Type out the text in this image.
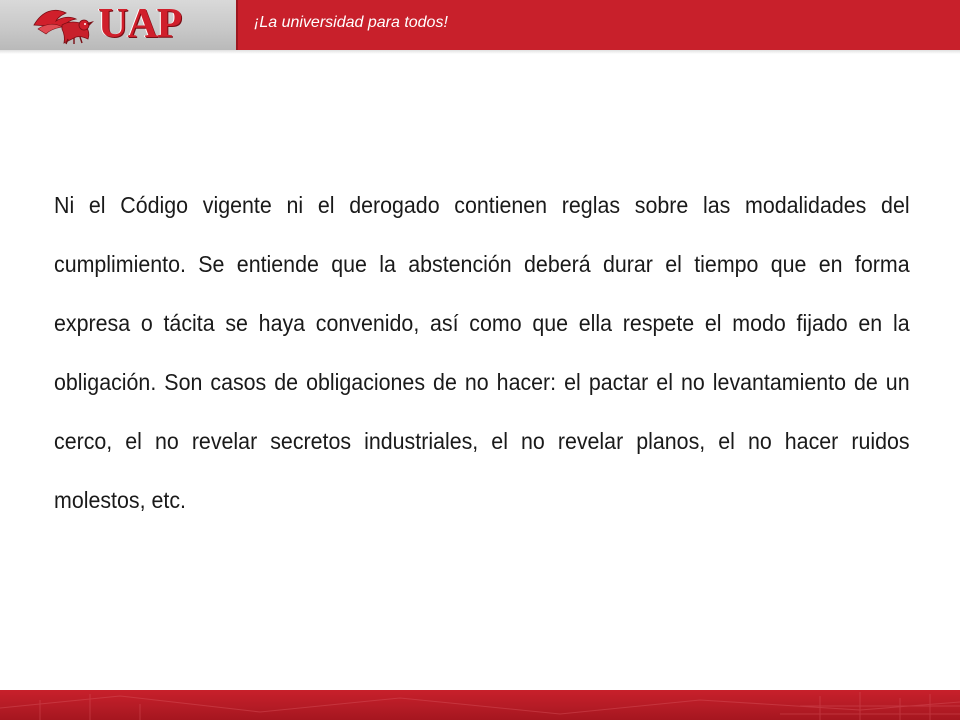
UAP	¡La universidad para todos!

Ni el Código vigente ni el derogado contienen reglas sobre las modalidades del cumplimiento. Se entiende que la abstención deberá durar el tiempo que en forma expresa o tácita se haya convenido, así como que ella respete el modo fijado en la obligación. Son casos de obligaciones de no hacer: el pactar el no levantamiento de un cerco, el no revelar secretos industriales, el no revelar planos, el no hacer ruidos molestos, etc.
